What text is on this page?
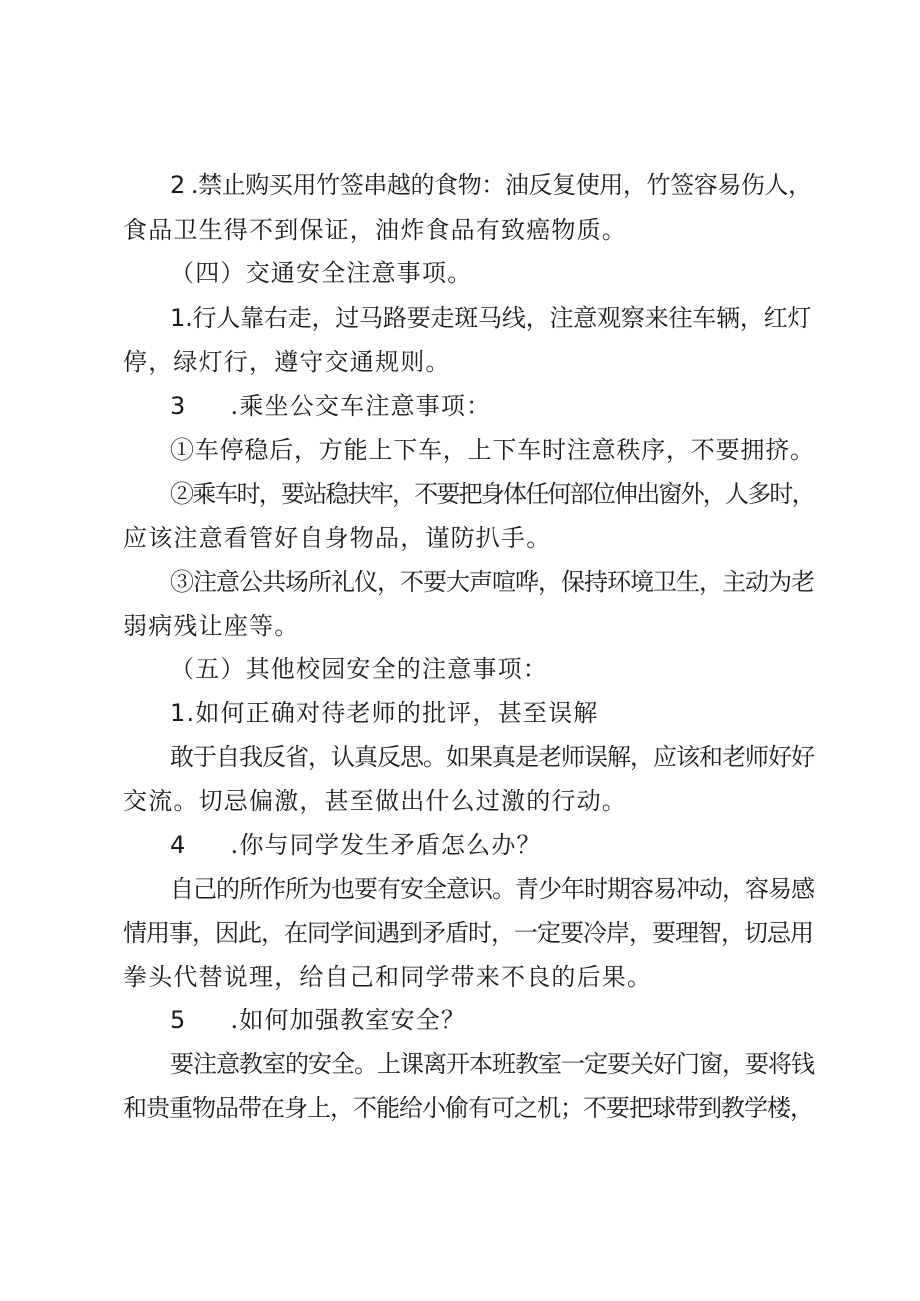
2 .禁止购买用竹签串越的食物：油反复使用，竹签容易伤人，
食品卫生得不到保证，油炸食品有致癌物质。
（四）交通安全注意事项。
1.行人靠右走，过马路要走斑马线，注意观察来往车辆，红灯
停，绿灯行，遵守交通规则。
3 .乘坐公交车注意事项：
①车停稳后，方能上下车，上下车时注意秩序，不要拥挤。
②乘车时，要站稳扶牢，不要把身体任何部位伸出窗外，人多时，
应该注意看管好自身物品，谨防扒手。
③注意公共场所礼仪，不要大声喧哗，保持环境卫生，主动为老
弱病残让座等。
（五）其他校园安全的注意事项：
1.如何正确对待老师的批评，甚至误解
敢于自我反省，认真反思。如果真是老师误解，应该和老师好好
交流。切忌偏激，甚至做出什么过激的行动。
4 .你与同学发生矛盾怎么办？
自己的所作所为也要有安全意识。青少年时期容易冲动，容易感
情用事，因此，在同学间遇到矛盾时，一定要冷岸，要理智，切忌用
拳头代替说理，给自己和同学带来不良的后果。
5 .如何加强教室安全？
要注意教室的安全。上课离开本班教室一定要关好门窗，要将钱
和贵重物品带在身上，不能给小偷有可之机；不要把球带到教学楼，
